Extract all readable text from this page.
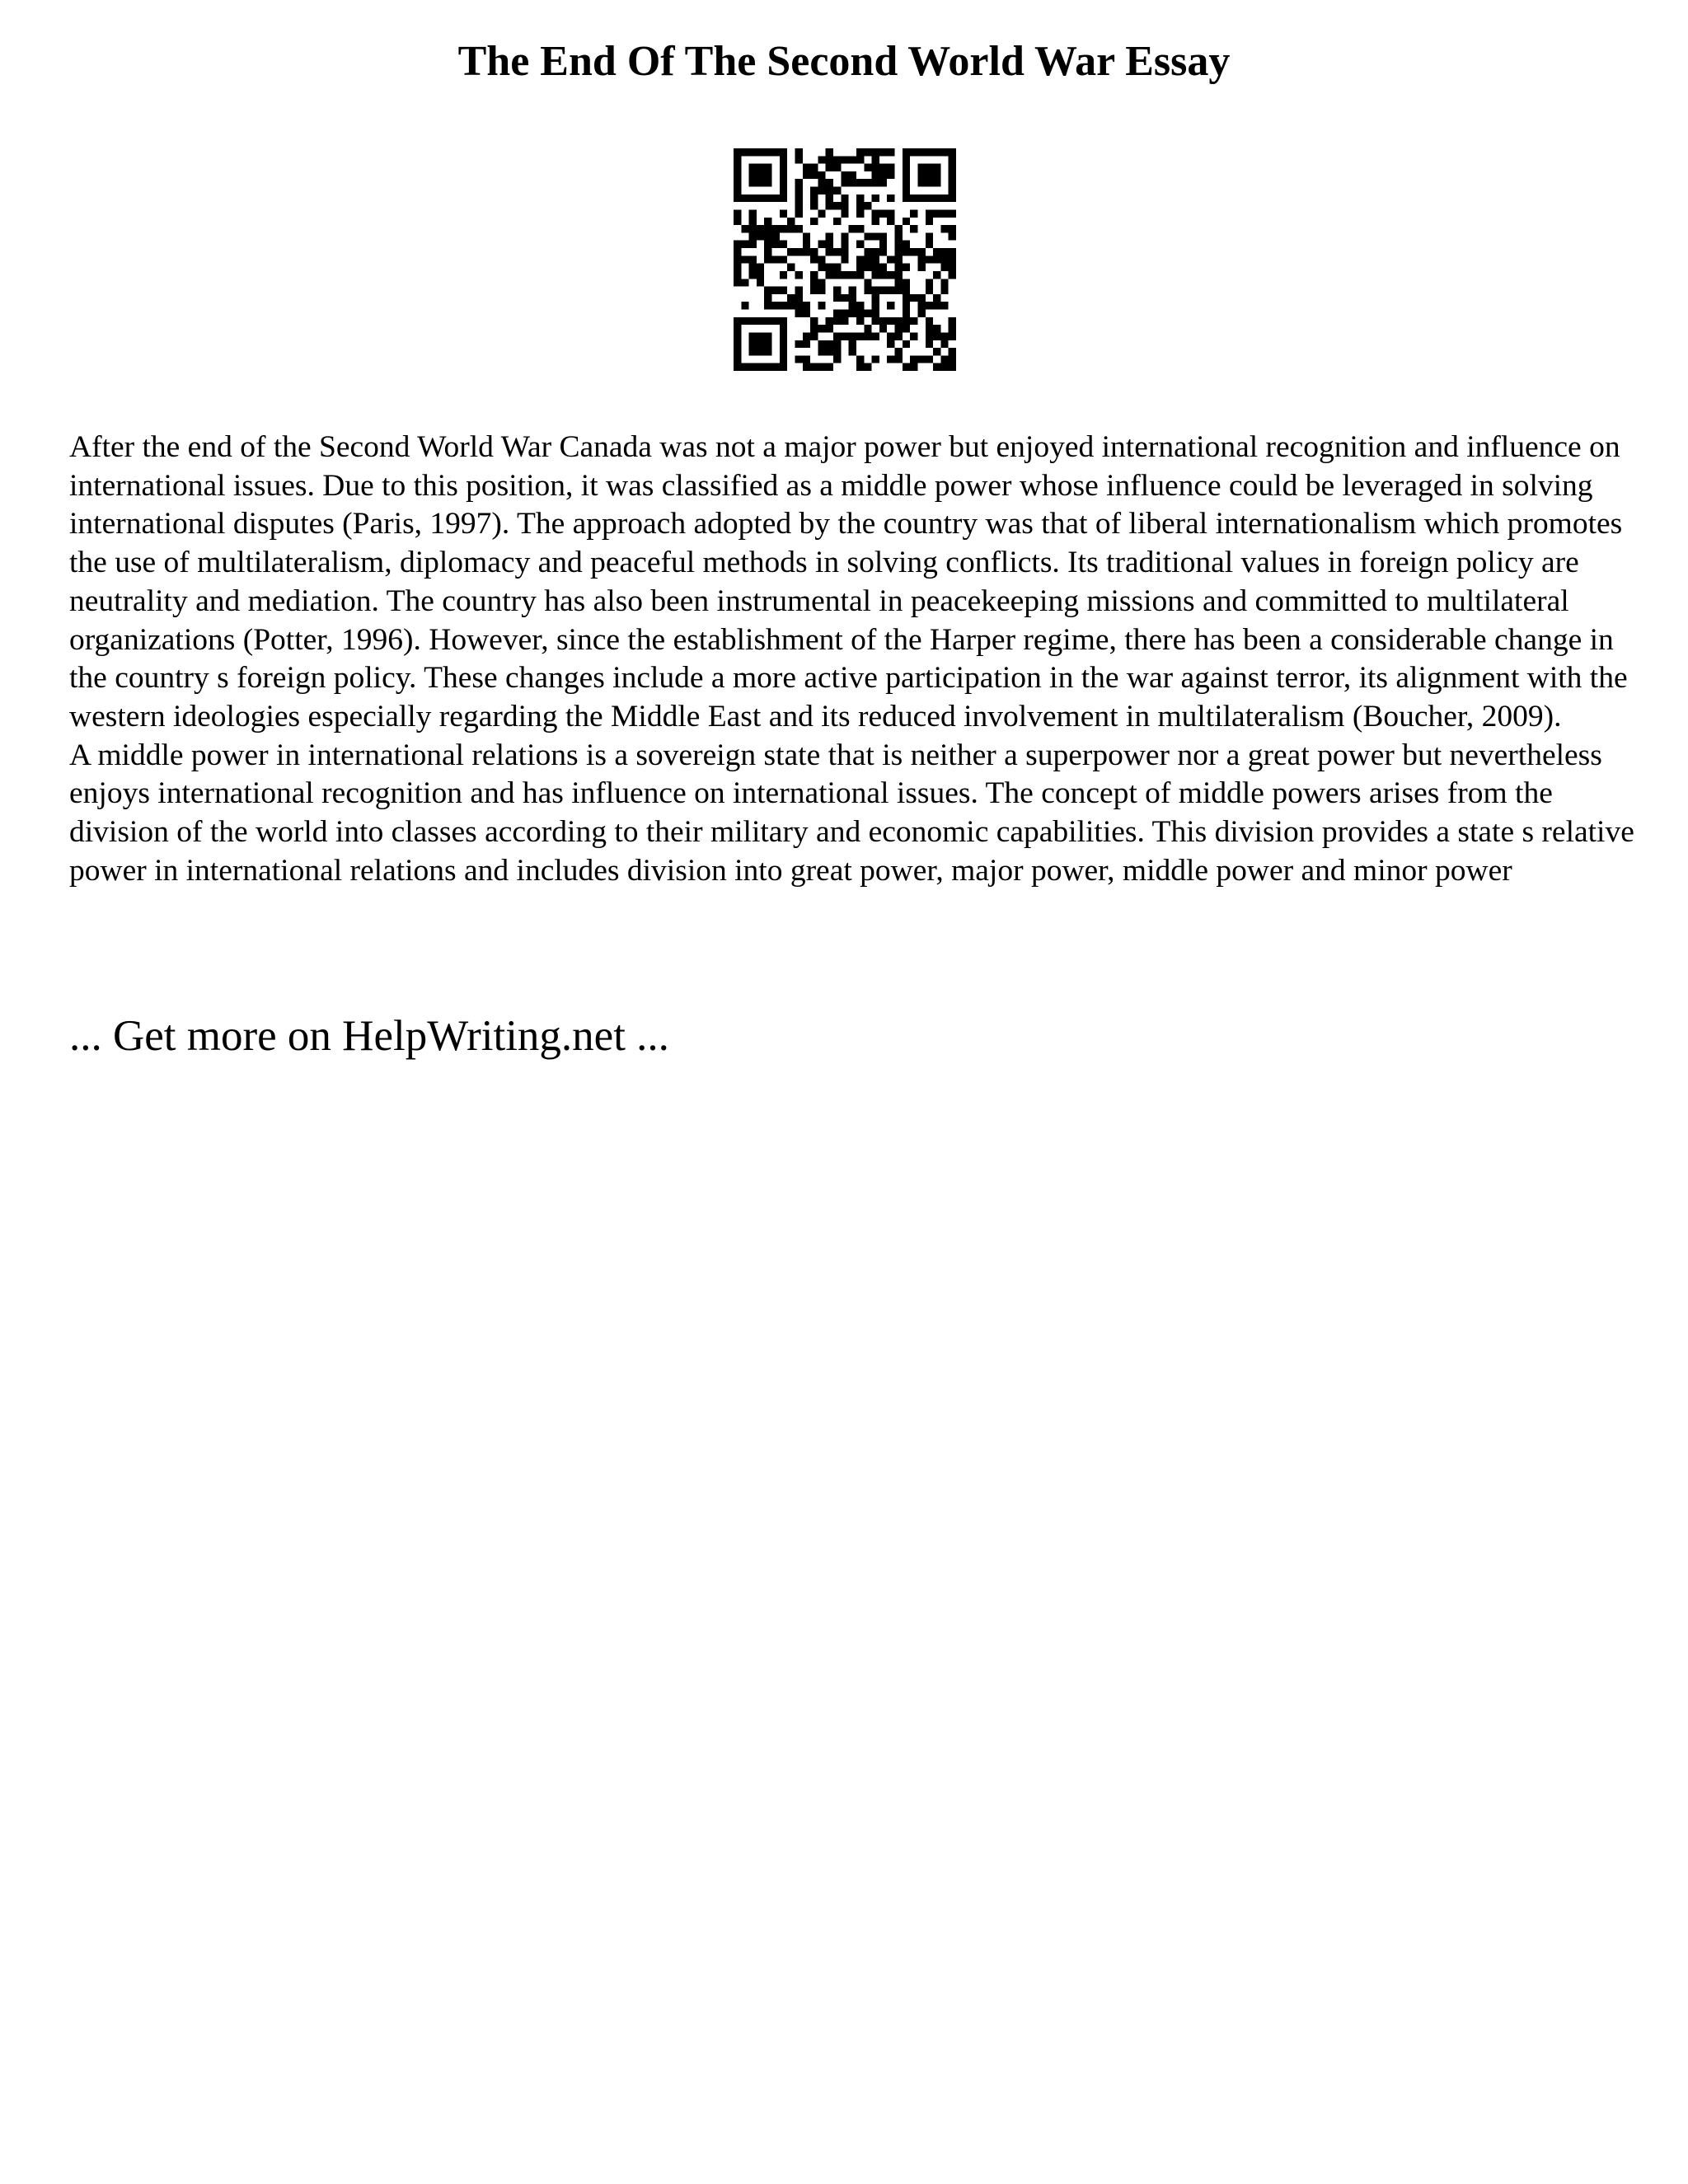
The End Of The Second World War Essay

After the end of the Second World War Canada was not a major power but enjoyed international recognition and influence on international issues. Due to this position, it was classified as a middle power whose influence could be leveraged in solving international disputes (Paris, 1997). The approach adopted by the country was that of liberal internationalism which promotes the use of multilateralism, diplomacy and peaceful methods in solving conflicts. Its traditional values in foreign policy are neutrality and mediation. The country has also been instrumental in peacekeeping missions and committed to multilateral organizations (Potter, 1996). However, since the establishment of the Harper regime, there has been a considerable change in the country s foreign policy. These changes include a more active participation in the war against terror, its alignment with the western ideologies especially regarding the Middle East and its reduced involvement in multilateralism (Boucher, 2009).

A middle power in international relations is a sovereign state that is neither a superpower nor a great power but nevertheless enjoys international recognition and has influence on international issues. The concept of middle powers arises from the division of the world into classes according to their military and economic capabilities. This division provides a state s relative power in international relations and includes division into great power, major power, middle power and minor power

... Get more on HelpWriting.net ...
